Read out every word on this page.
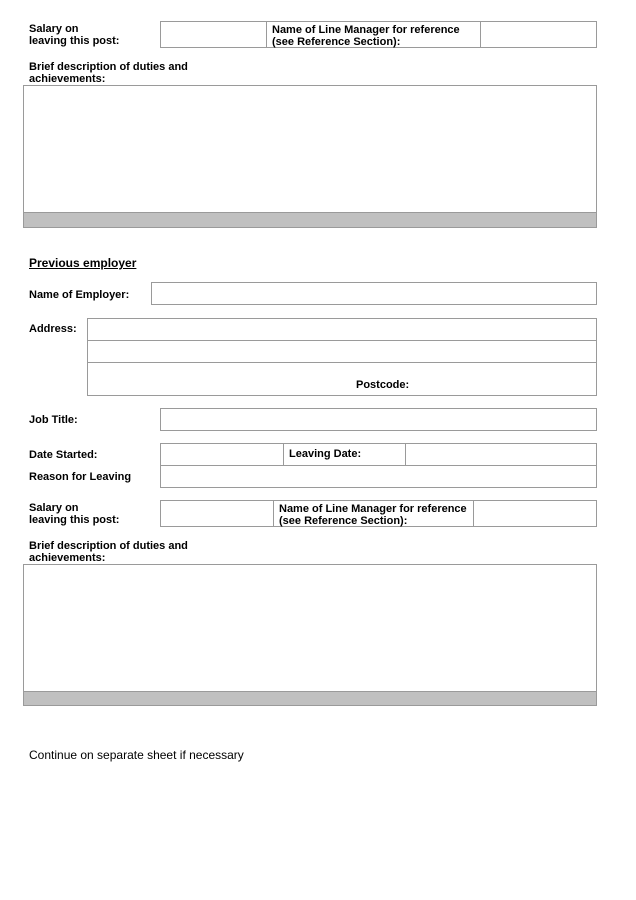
Salary on
leaving this post:
Name of Line Manager for reference
(see Reference Section):
Brief description of duties and
achievements:
Previous employer
Name of Employer:
Address:
Postcode:
Job Title:
Date Started:	Leaving Date:
Reason for Leaving
Salary on
leaving this post:
Name of Line Manager for reference
(see Reference Section):
Brief description of duties and
achievements:
Continue on separate sheet if necessary
